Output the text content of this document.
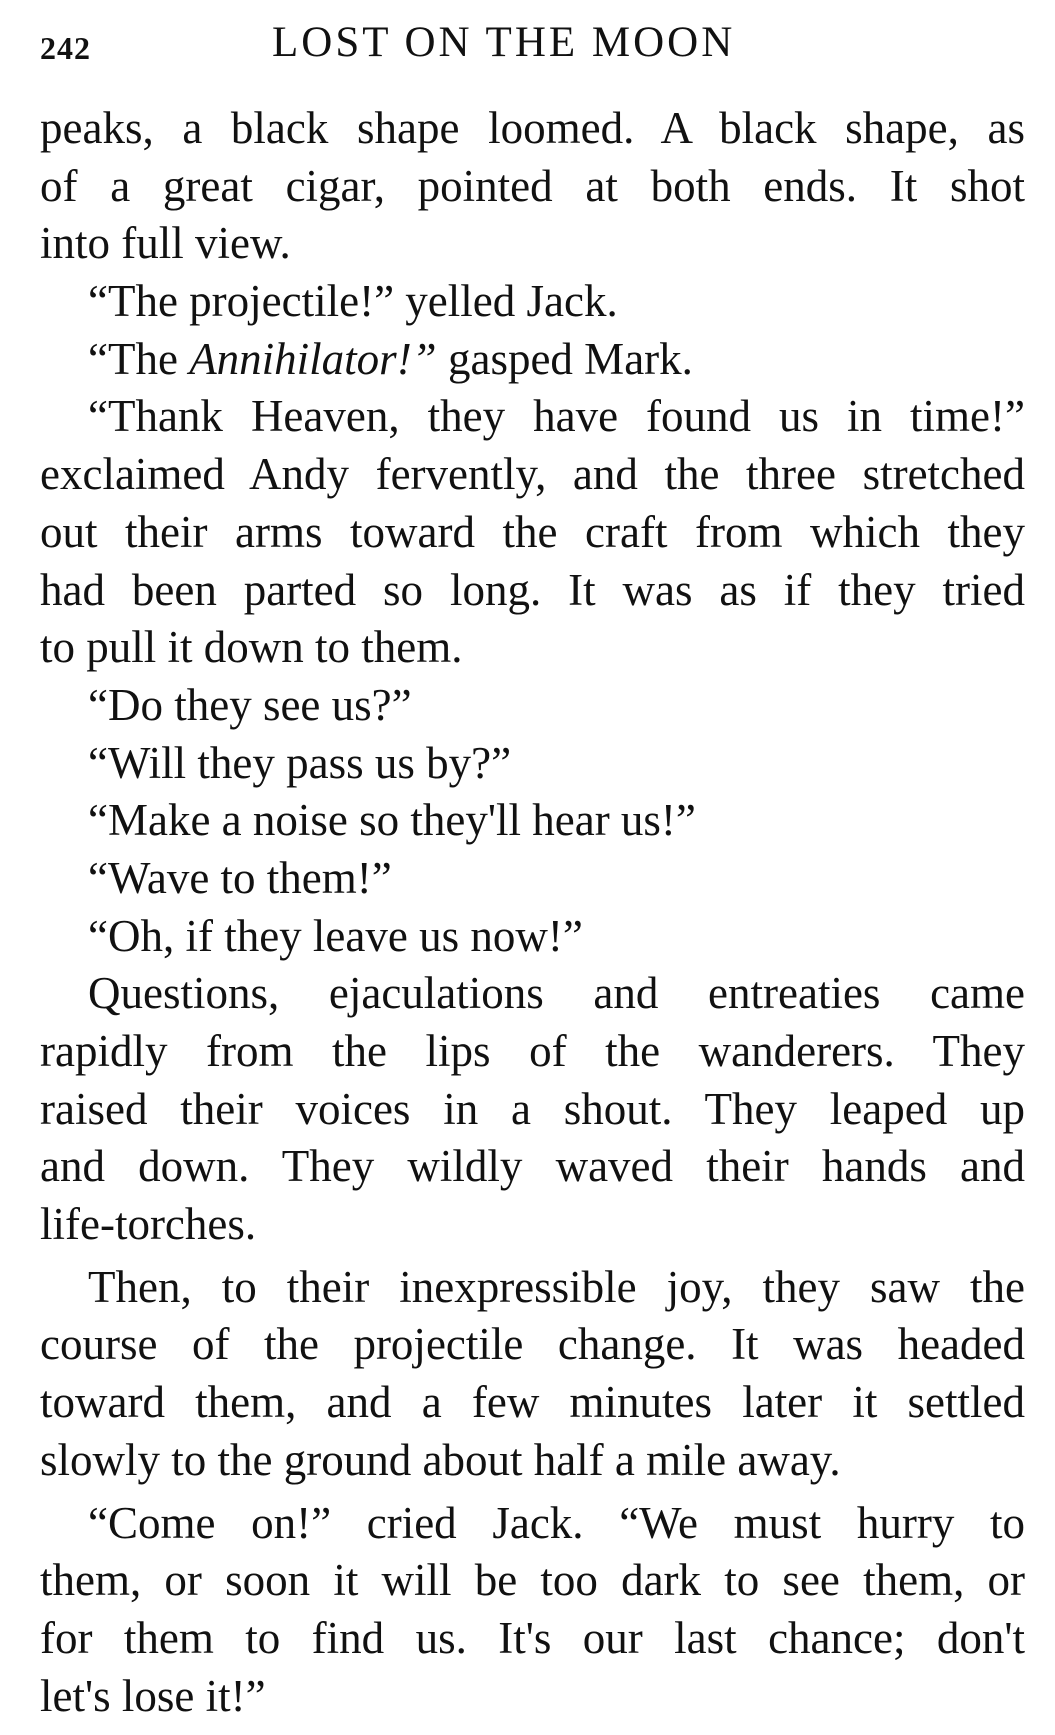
242	LOST ON THE MOON
peaks, a black shape loomed. A black shape, as
of a great cigar, pointed at both ends. It shot
into full view.
“The projectile!” yelled Jack.
“The Annihilator!” gasped Mark.
“Thank Heaven, they have found us in time!”
exclaimed Andy fervently, and the three stretched
out their arms toward the craft from which they
had been parted so long. It was as if they tried
to pull it down to them.
“Do they see us?”
“Will they pass us by?”
“Make a noise so they'll hear us!”
“Wave to them!”
“Oh, if they leave us now!”
Questions, ejaculations and entreaties came
rapidly from the lips of the wanderers. They
raised their voices in a shout. They leaped up
and down. They wildly waved their hands and
life-torches.
Then, to their inexpressible joy, they saw the
course of the projectile change. It was headed
toward them, and a few minutes later it settled
slowly to the ground about half a mile away.
“Come on!” cried Jack. “We must hurry to
them, or soon it will be too dark to see them, or
for them to find us. It's our last chance; don't
let's lose it!”
